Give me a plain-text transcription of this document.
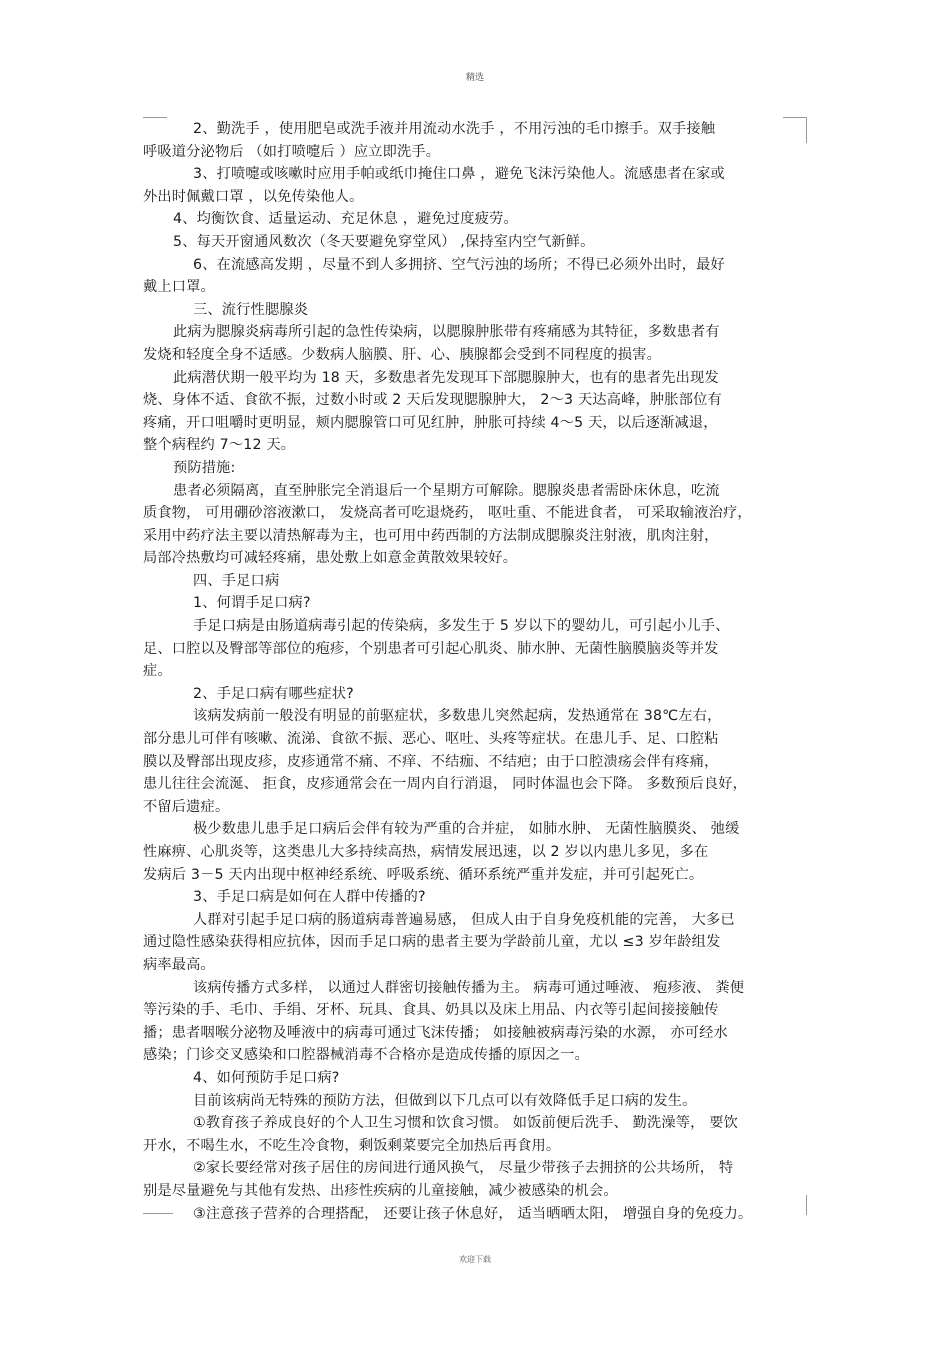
精选
2、勤洗手 ，使用肥皂或洗手液并用流动水洗手 ，不用污浊的毛巾擦手。双手接触
呼吸道分泌物后 （如打喷嚏后 ）应立即洗手。
3、打喷嚏或咳嗽时应用手帕或纸巾掩住口鼻 ，避免飞沫污染他人。流感患者在家或
外出时佩戴口罩 ，以免传染他人。
4、均衡饮食、适量运动、充足休息 ，避免过度疲劳。
5、每天开窗通风数次（冬天要避免穿堂风） ,保持室内空气新鲜。
6、在流感高发期 ，尽量不到人多拥挤、空气污浊的场所；不得已必须外出时，最好
戴上口罩。
三、流行性腮腺炎
此病为腮腺炎病毒所引起的急性传染病，以腮腺肿胀带有疼痛感为其特征，多数患者有
发烧和轻度全身不适感。少数病人脑膜、肝、心、胰腺都会受到不同程度的损害。
此病潜伏期一般平均为 18 天，多数患者先发现耳下部腮腺肿大，也有的患者先出现发
烧、身体不适、食欲不振，过数小时或 2 天后发现腮腺肿大， 2～3 天达高峰，肿胀部位有
疼痛，开口咀嚼时更明显，颊内腮腺管口可见红肿，肿胀可持续 4～5 天，以后逐渐减退，
整个病程约 7～12 天。
预防措施:
患者必须隔离，直至肿胀完全消退后一个星期方可解除。腮腺炎患者需卧床休息，吃流
质食物， 可用硼砂溶液漱口， 发烧高者可吃退烧药， 呕吐重、不能进食者， 可采取输液治疗，
采用中药疗法主要以清热解毒为主，也可用中药西制的方法制成腮腺炎注射液，肌肉注射，
局部冷热敷均可减轻疼痛，患处敷上如意金黄散效果较好。
四、手足口病
1、何谓手足口病?
手足口病是由肠道病毒引起的传染病，多发生于 5 岁以下的婴幼儿，可引起小儿手、
足、口腔以及臀部等部位的疱疹，个别患者可引起心肌炎、肺水肿、无菌性脑膜脑炎等并发
症。
2、手足口病有哪些症状?
该病发病前一般没有明显的前驱症状，多数患儿突然起病，发热通常在 38℃左右，
部分患儿可伴有咳嗽、流涕、食欲不振、恶心、呕吐、头疼等症状。在患儿手、足、口腔粘
膜以及臀部出现皮疹，皮疹通常不痛、不痒、不结痂、不结疤；由于口腔溃疡会伴有疼痛，
患儿往往会流涎、 拒食，皮疹通常会在一周内自行消退， 同时体温也会下降。 多数预后良好，
不留后遗症。
极少数患儿患手足口病后会伴有较为严重的合并症， 如肺水肿、 无菌性脑膜炎、 弛缓
性麻痹、心肌炎等，这类患儿大多持续高热，病情发展迅速，以 2 岁以内患儿多见，多在
发病后 3－5 天内出现中枢神经系统、呼吸系统、循环系统严重并发症，并可引起死亡。
3、手足口病是如何在人群中传播的?
人群对引起手足口病的肠道病毒普遍易感， 但成人由于自身免疫机能的完善， 大多已
通过隐性感染获得相应抗体，因而手足口病的患者主要为学龄前儿童，尤以 ≤3 岁年龄组发
病率最高。
该病传播方式多样， 以通过人群密切接触传播为主。 病毒可通过唾液、 疱疹液、 粪便
等污染的手、毛巾、手绢、牙杯、玩具、食具、奶具以及床上用品、内衣等引起间接接触传
播；患者咽喉分泌物及唾液中的病毒可通过飞沫传播； 如接触被病毒污染的水源， 亦可经水
感染；门诊交叉感染和口腔器械消毒不合格亦是造成传播的原因之一。
4、如何预防手足口病?
目前该病尚无特殊的预防方法，但做到以下几点可以有效降低手足口病的发生。
①教育孩子养成良好的个人卫生习惯和饮食习惯。 如饭前便后洗手、 勤洗澡等， 要饮
开水，不喝生水，不吃生冷食物，剩饭剩菜要完全加热后再食用。
②家长要经常对孩子居住的房间进行通风换气， 尽量少带孩子去拥挤的公共场所， 特
别是尽量避免与其他有发热、出疹性疾病的儿童接触，减少被感染的机会。
③注意孩子营养的合理搭配， 还要让孩子休息好， 适当晒晒太阳， 增强自身的免疫力。
欢迎下载
